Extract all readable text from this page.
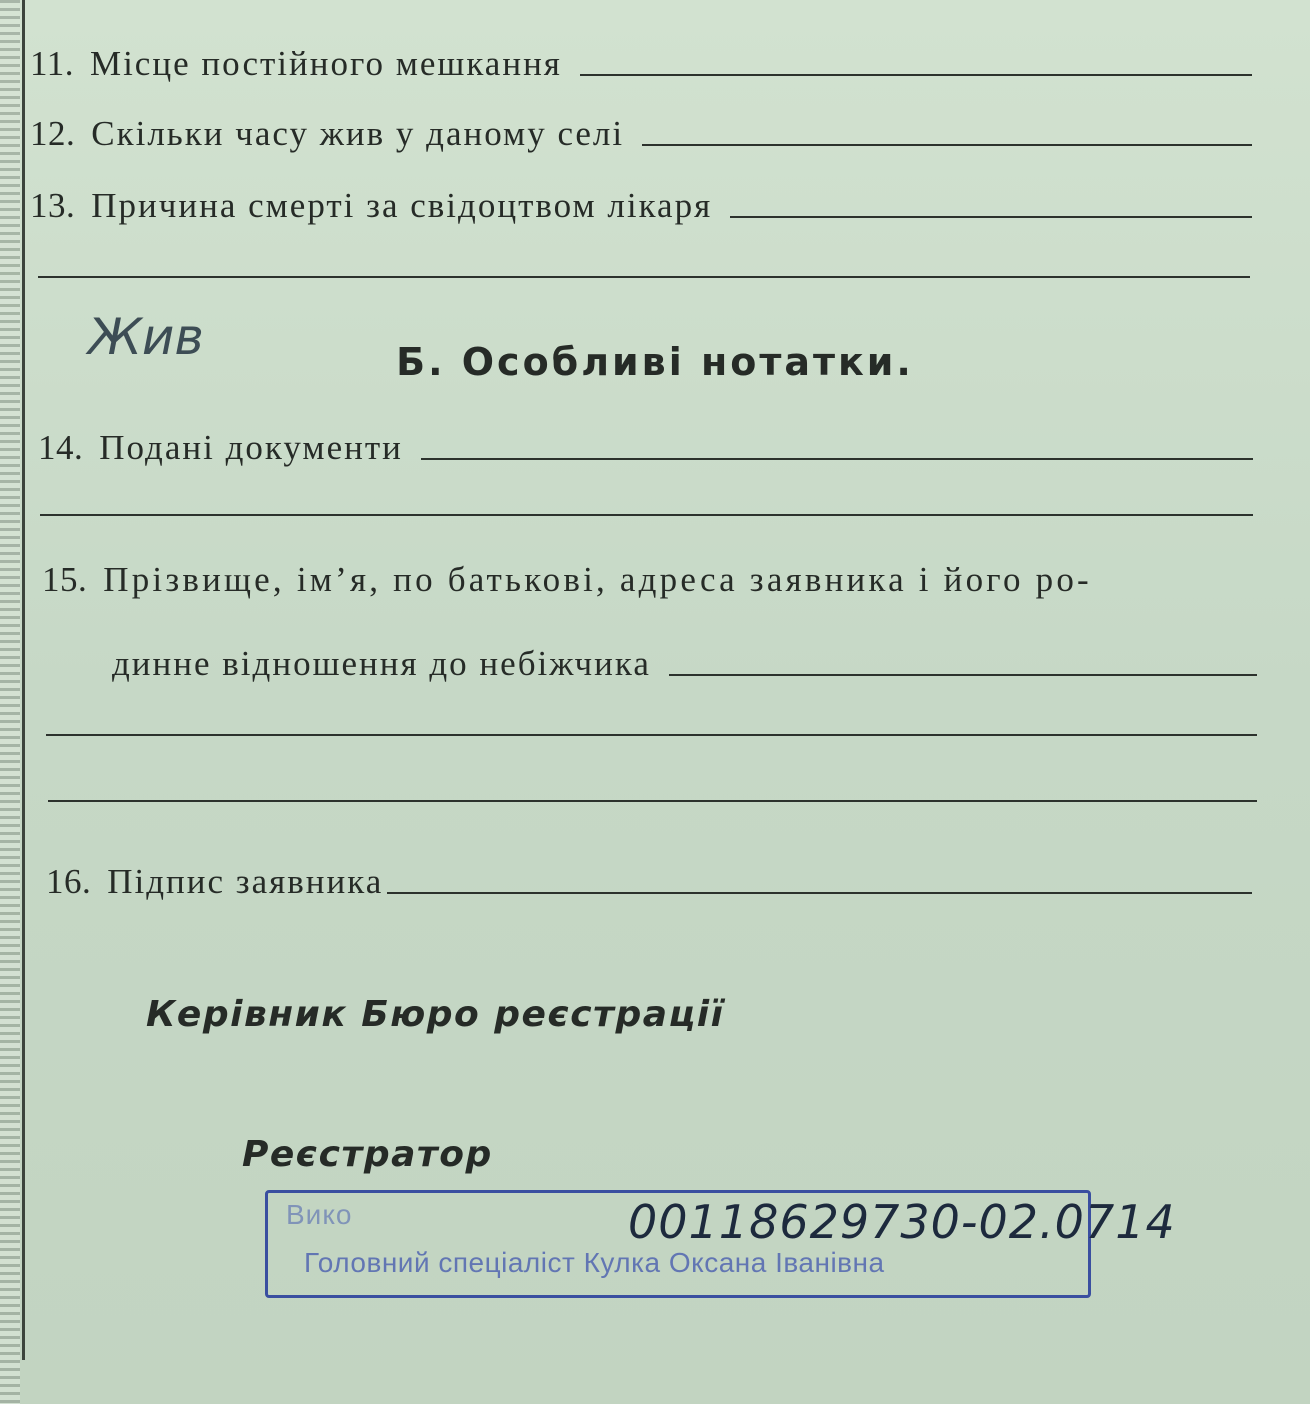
11. Місце постійного мешкання
12. Скільки часу жив у даному селі
13. Причина смерті за свідоцтвом лікаря
Жив	Б. Особливі нотатки.
14. Подані документи
15. Прізвище, ім’я, по батькові, адреса заявника і його ро-
динне відношення до небіжчика
16. Підпис заявника
Керівник Бюро реєстрації
Реєстратор
Вико
Головний спеціаліст Кулка Оксана Іванівна
00118629730-02.0714
